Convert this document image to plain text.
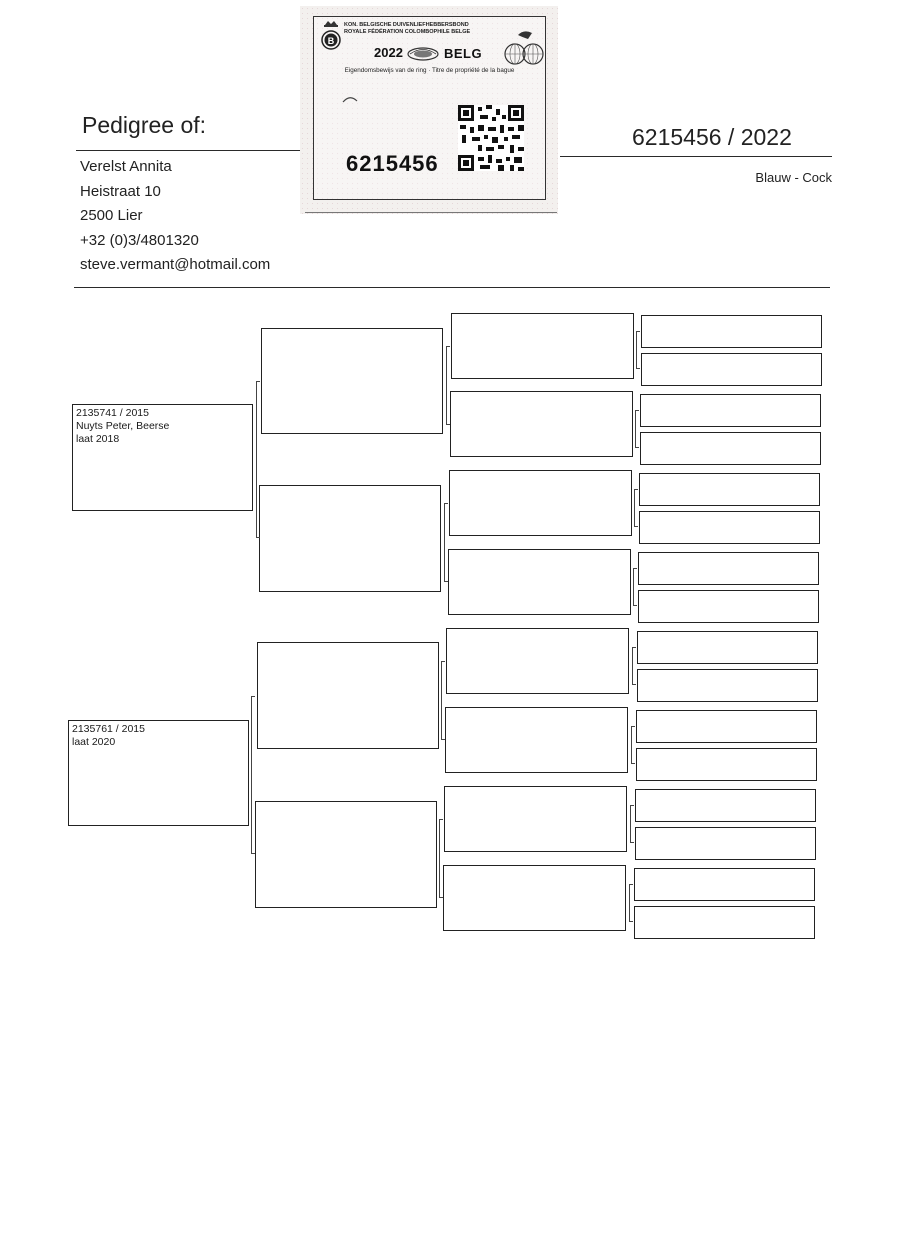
Pedigree of:
Verelst Annita
Heistraat 10
2500 Lier
+32 (0)3/4801320
steve.vermant@hotmail.com
6215456 / 2022
Blauw - Cock
B
KON. BELGISCHE DUIVENLIEFHEBBERSBOND
ROYALE FÉDÉRATION COLOMBOPHILE BELGE
2022	BELG
Eigendomsbewijs van de ring · Titre de propriété de la bague
6215456
2135741 / 2015
Nuyts Peter, Beerse
laat 2018
2135761 / 2015
laat 2020
